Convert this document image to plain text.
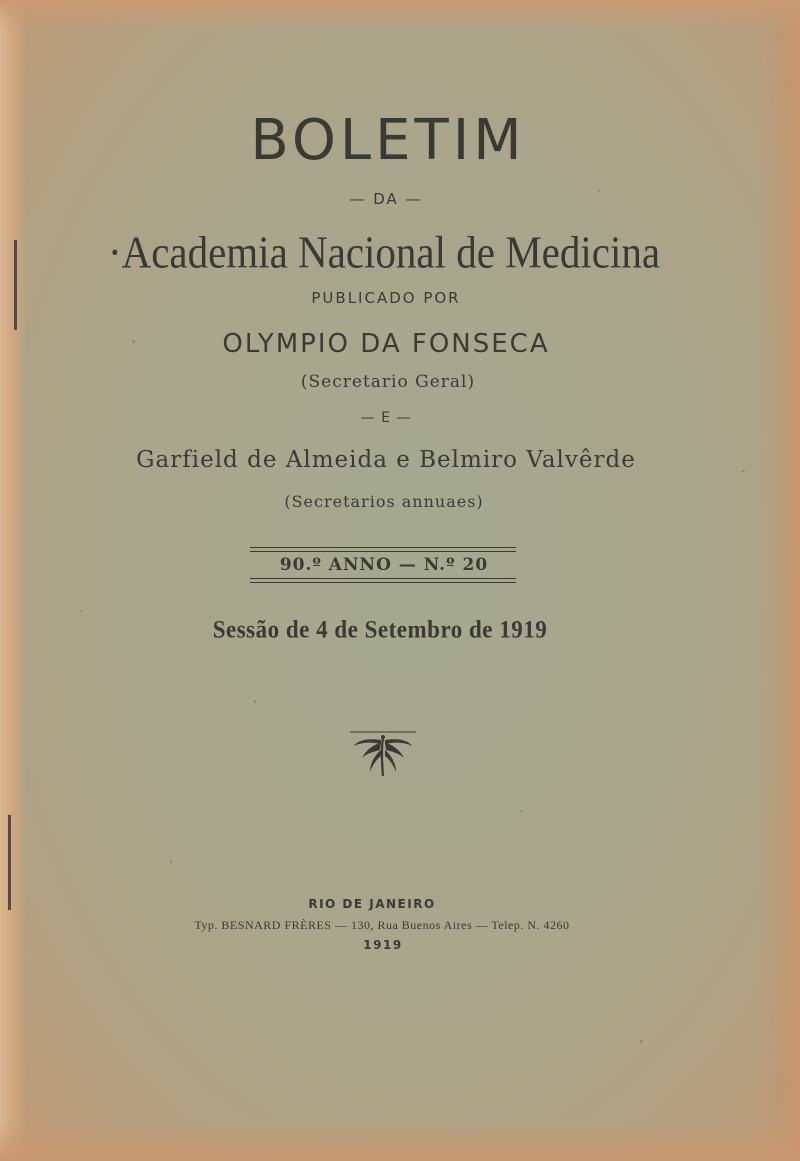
BOLETIM
— DA —
·Academia Nacional de Medicina
PUBLICADO POR
OLYMPIO DA FONSECA
(Secretario Geral)
— E —
Garfield de Almeida e Belmiro Valvêrde
(Secretarios annuaes)
90.º ANNO — N.º 20
Sessão de 4 de Setembro de 1919
RIO DE JANEIRO
Typ. BESNARD FRÈRES — 130, Rua Buenos Aires — Telep. N. 4260
1919
